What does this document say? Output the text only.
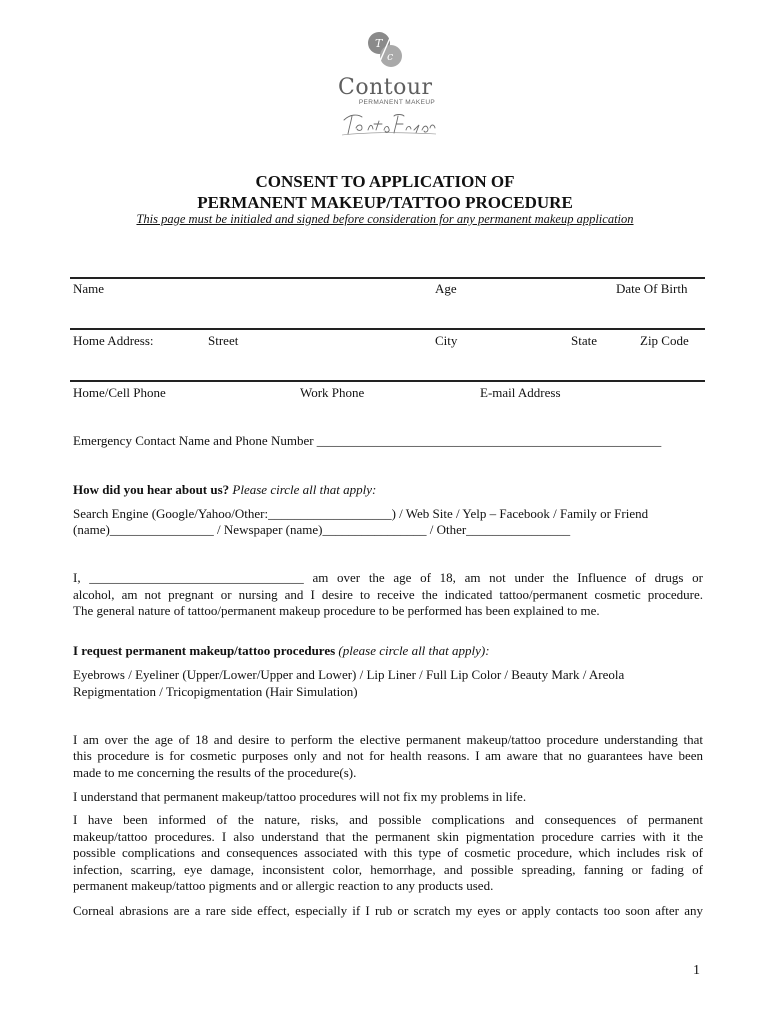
T
c
Contour
PERMANENT MAKEUP
CONSENT TO APPLICATION OF
PERMANENT MAKEUP/TATTOO PROCEDURE
This page must be initialed and signed before consideration for any permanent makeup application
Name	Age	Date Of Birth
Home Address:	Street	City	State	Zip Code
Home/Cell Phone	Work Phone	E-mail Address
Emergency Contact Name and Phone Number _____________________________________________________
How did you hear about us? Please circle all that apply:
Search Engine (Google/Yahoo/Other:___________________) / Web Site / Yelp – Facebook / Family or Friend
(name)________________ / Newspaper (name)________________ / Other________________
I, _________________________________ am over the age of 18, am not under the Influence of drugs or
alcohol, am not pregnant or nursing and I desire to receive the indicated tattoo/permanent cosmetic procedure.
The general nature of tattoo/permanent makeup procedure to be performed has been explained to me.
I request permanent makeup/tattoo procedures (please circle all that apply):
Eyebrows / Eyeliner (Upper/Lower/Upper and Lower) / Lip Liner / Full Lip Color / Beauty Mark / Areola
Repigmentation / Tricopigmentation (Hair Simulation)
I am over the age of 18 and desire to perform the elective permanent makeup/tattoo procedure understanding that
this procedure is for cosmetic purposes only and not for health reasons. I am aware that no guarantees have been
made to me concerning the results of the procedure(s).
I understand that permanent makeup/tattoo procedures will not fix my problems in life.
I have been informed of the nature, risks, and possible complications and consequences of permanent
makeup/tattoo procedures. I also understand that the permanent skin pigmentation procedure carries with it the
possible complications and consequences associated with this type of cosmetic procedure, which includes risk of
infection, scarring, eye damage, inconsistent color, hemorrhage, and possible spreading, fanning or fading of
permanent makeup/tattoo pigments and or allergic reaction to any products used.
Corneal abrasions are a rare side effect, especially if I rub or scratch my eyes or apply contacts too soon after any
1
